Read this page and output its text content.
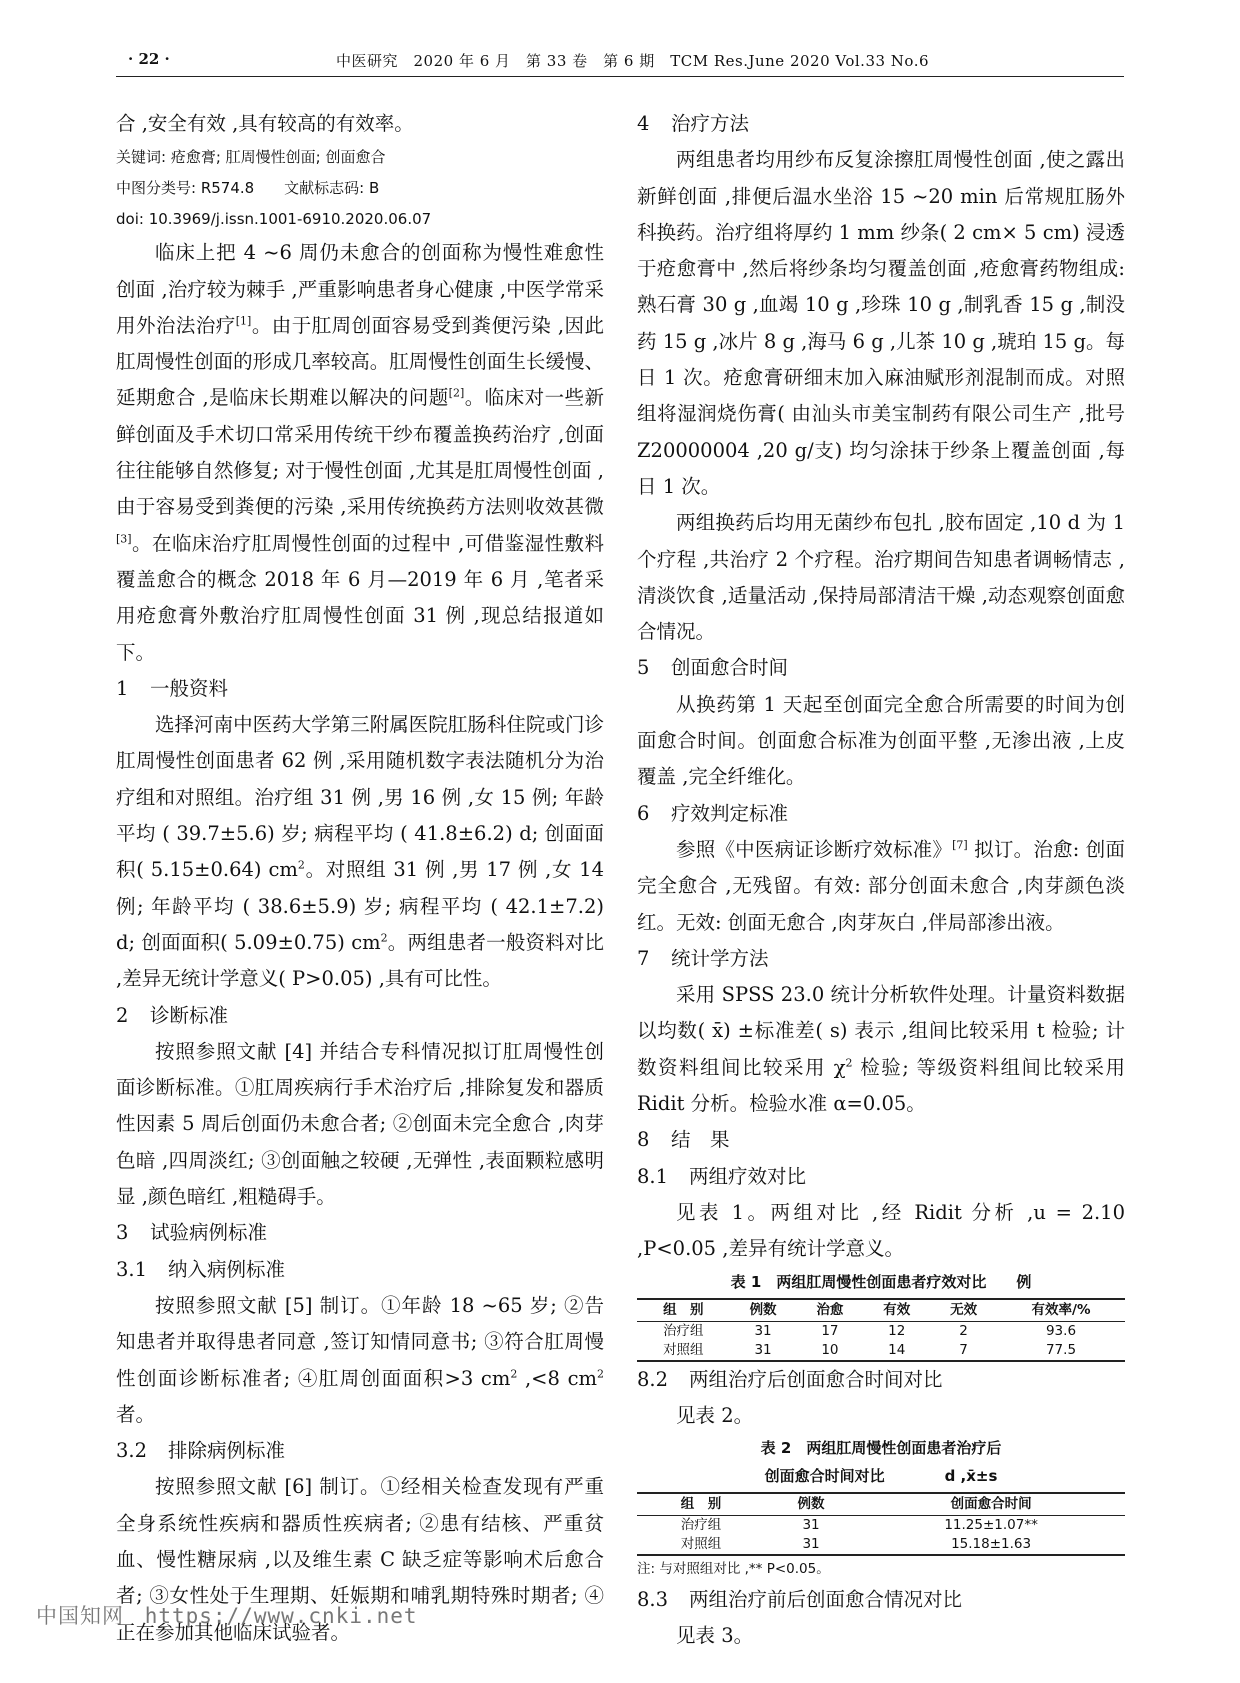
· 22 ·	中医研究　2020 年 6 月　第 33 卷　第 6 期　TCM Res.June 2020 Vol.33 No.6

合 ,安全有效 ,具有较高的有效率。

关键词: 疮愈膏; 肛周慢性创面; 创面愈合

中图分类号: R574.8　　文献标志码: B

doi: 10.3969/j.issn.1001-6910.2020.06.07

临床上把 4 ~6 周仍未愈合的创面称为慢性难愈性创面 ,治疗较为棘手 ,严重影响患者身心健康 ,中医学常采用外治法治疗[1]。由于肛周创面容易受到粪便污染 ,因此肛周慢性创面的形成几率较高。肛周慢性创面生长缓慢、延期愈合 ,是临床长期难以解决的问题[2]。临床对一些新鲜创面及手术切口常采用传统干纱布覆盖换药治疗 ,创面往往能够自然修复; 对于慢性创面 ,尤其是肛周慢性创面 ,由于容易受到粪便的污染 ,采用传统换药方法则收效甚微[3]。在临床治疗肛周慢性创面的过程中 ,可借鉴湿性敷料覆盖愈合的概念 2018 年 6 月—2019 年 6 月 ,笔者采用疮愈膏外敷治疗肛周慢性创面 31 例 ,现总结报道如下。

1 一般资料

选择河南中医药大学第三附属医院肛肠科住院或门诊肛周慢性创面患者 62 例 ,采用随机数字表法随机分为治疗组和对照组。治疗组 31 例 ,男 16 例 ,女 15 例; 年龄平均 ( 39.7±5.6) 岁; 病程平均 ( 41.8±6.2) d; 创面面积( 5.15±0.64) $cm^2$。对照组 31 例 ,男 17 例 ,女 14 例; 年龄平均 ( 38.6±5.9) 岁; 病程平均 ( 42.1±7.2) d; 创面面积( 5.09±0.75) $cm^2$。两组患者一般资料对比 ,差异无统计学意义( P>0.05) ,具有可比性。

2 诊断标准

按照参照文献 [4] 并结合专科情况拟订肛周慢性创面诊断标准。①肛周疾病行手术治疗后 ,排除复发和器质性因素 5 周后创面仍未愈合者; ②创面未完全愈合 ,肉芽色暗 ,四周淡红; ③创面触之较硬 ,无弹性 ,表面颗粒感明显 ,颜色暗红 ,粗糙碍手。

3 试验病例标准

3.1 纳入病例标准

按照参照文献 [5] 制订。①年龄 18 ~65 岁; ②告知患者并取得患者同意 ,签订知情同意书; ③符合肛周慢性创面诊断标准者; ④肛周创面面积>3 $cm^2$ ,<8 $cm^2$ 者。

3.2 排除病例标准

按照参照文献 [6] 制订。①经相关检查发现有严重全身系统性疾病和器质性疾病者; ②患有结核、严重贫血、慢性糖尿病 ,以及维生素 C 缺乏症等影响术后愈合者; ③女性处于生理期、妊娠期和哺乳期特殊时期者; ④正在参加其他临床试验者。

4 治疗方法

两组患者均用纱布反复涂擦肛周慢性创面 ,使之露出新鲜创面 ,排便后温水坐浴 15 ~20 min 后常规肛肠外科换药。治疗组将厚约 1 mm 纱条( 2 cm× 5 cm) 浸透于疮愈膏中 ,然后将纱条均匀覆盖创面 ,疮愈膏药物组成: 熟石膏 30 g ,血竭 10 g ,珍珠 10 g ,制乳香 15 g ,制没药 15 g ,冰片 8 g ,海马 6 g ,儿茶 10 g ,琥珀 15 g。每日 1 次。疮愈膏研细末加入麻油赋形剂混制而成。对照组将湿润烧伤膏( 由汕头市美宝制药有限公司生产 ,批号 Z20000004 ,20 g/支) 均匀涂抹于纱条上覆盖创面 ,每日 1 次。

两组换药后均用无菌纱布包扎 ,胶布固定 ,10 d 为 1 个疗程 ,共治疗 2 个疗程。治疗期间告知患者调畅情志 ,清淡饮食 ,适量活动 ,保持局部清洁干燥 ,动态观察创面愈合情况。

5 创面愈合时间

从换药第 1 天起至创面完全愈合所需要的时间为创面愈合时间。创面愈合标准为创面平整 ,无渗出液 ,上皮覆盖 ,完全纤维化。

6 疗效判定标准

参照《中医病证诊断疗效标准》[7] 拟订。治愈: 创面完全愈合 ,无残留。有效: 部分创面未愈合 ,肉芽颜色淡红。无效: 创面无愈合 ,肉芽灰白 ,伴局部渗出液。

7 统计学方法

采用 SPSS 23.0 统计分析软件处理。计量资料数据以均数( x̄) ±标准差( s) 表示 ,组间比较采用 t 检验; 计数资料组间比较采用 $\chi^2$ 检验; 等级资料组间比较采用 Ridit 分析。检验水准 α=0.05。

8 结　果

8.1 两组疗效对比

见表 1。两组对比 ,经 Ridit 分析 ,u = 2.10 ,P<0.05 ,差异有统计学意义。

表 1　两组肛周慢性创面患者疗效对比　　例
组　别	例数	治愈	有效	无效	有效率/%
治疗组	31	17	12	2	93.6
对照组	31	10	14	7	77.5

8.2 两组治疗后创面愈合时间对比

见表 2。

表 2　两组肛周慢性创面患者治疗后
创面愈合时间对比　　　　d ,x̄±s
组　别	例数	创面愈合时间
治疗组	31	11.25±1.07**
对照组	31	15.18±1.63

注: 与对照组对比 ,** P<0.05。

8.3 两组治疗前后创面愈合情况对比

见表 3。

中国知网 https://www.cnki.net
